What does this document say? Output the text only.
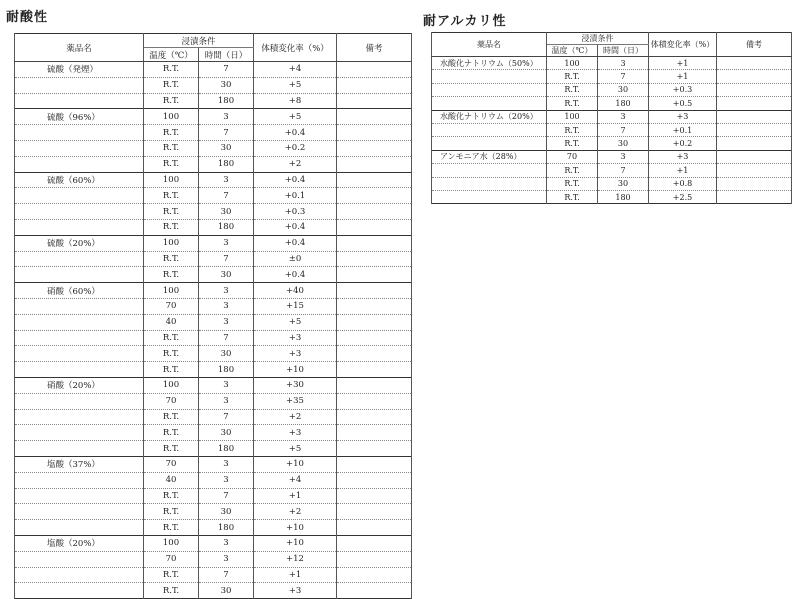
耐酸性
薬品名	浸漬条件		体積変化率（%）	備考
	温度（℃）	時間（日）		
硫酸（発煙）	R.T.	7	+4	
	R.T.	30	+5	
	R.T.	180	+8	
硫酸（96%）	100	3	+5	
	R.T.	7	+0.4	
	R.T.	30	+0.2	
	R.T.	180	+2	
硫酸（60%）	100	3	+0.4	
	R.T.	7	+0.1	
	R.T.	30	+0.3	
	R.T.	180	+0.4	
硫酸（20%）	100	3	+0.4	
	R.T.	7	±0	
	R.T.	30	+0.4	
硝酸（60%）	100	3	+40	
	70	3	+15	
	40	3	+5	
	R.T.	7	+3	
	R.T.	30	+3	
	R.T.	180	+10	
硝酸（20%）	100	3	+30	
	70	3	+35	
	R.T.	7	+2	
	R.T.	30	+3	
	R.T.	180	+5	
塩酸（37%）	70	3	+10	
	40	3	+4	
	R.T.	7	+1	
	R.T.	30	+2	
	R.T.	180	+10	
塩酸（20%）	100	3	+10	
	70	3	+12	
	R.T.	7	+1	
	R.T.	30	+3	
耐アルカリ性
薬品名	浸漬条件		体積変化率（%）	備考
	温度（℃）	時間（日）		
水酸化ナトリウム（50%）	100	3	+1	
	R.T.	7	+1	
	R.T.	30	+0.3	
	R.T.	180	+0.5	
水酸化ナトリウム（20%）	100	3	+3	
	R.T.	7	+0.1	
	R.T.	30	+0.2	
アンモニア水（28%）	70	3	+3	
	R.T.	7	+1	
	R.T.	30	+0.8	
	R.T.	180	+2.5	
